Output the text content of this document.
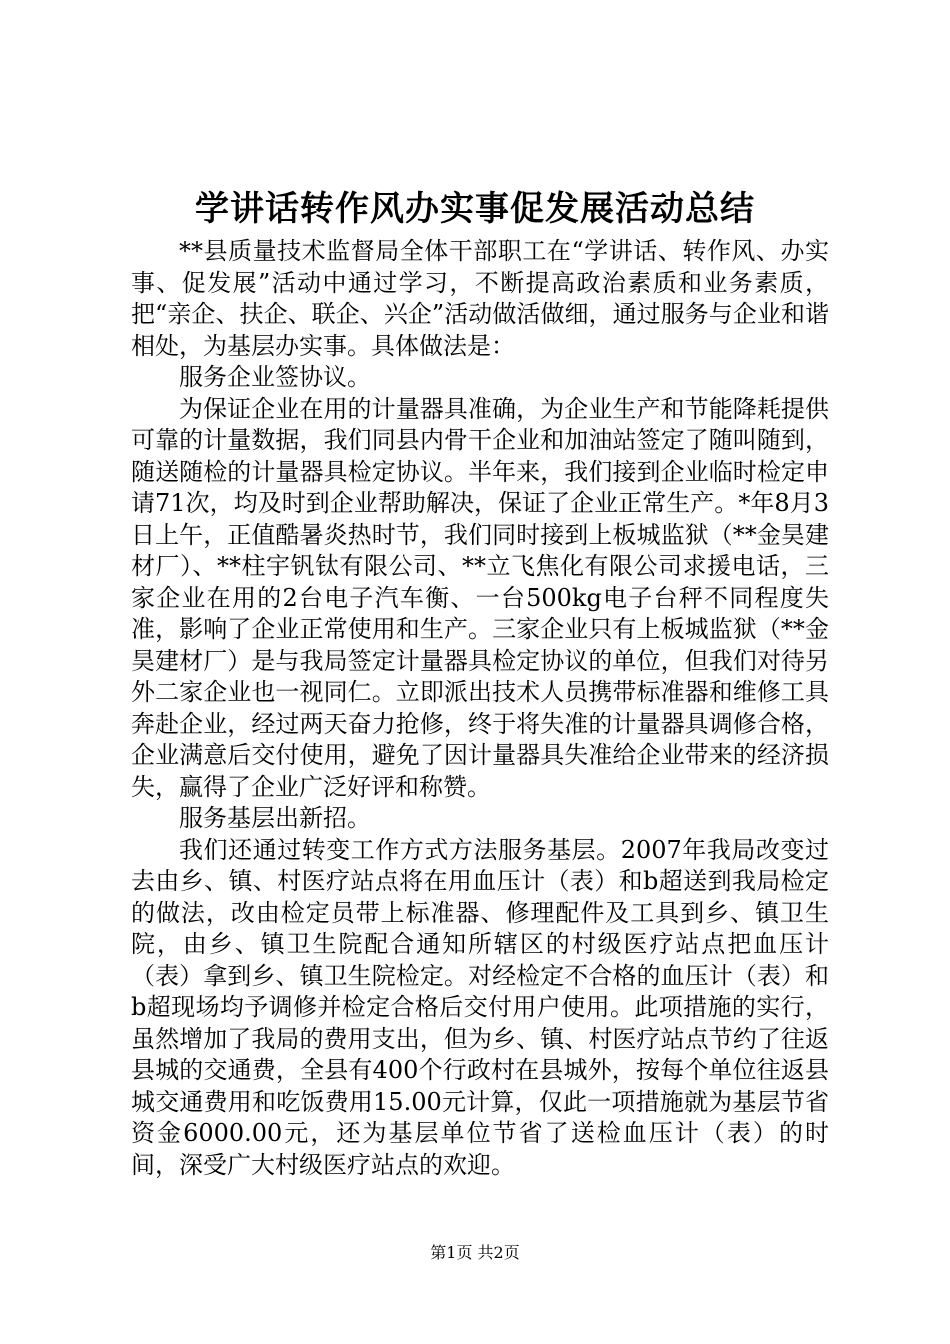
学讲话转作风办实事促发展活动总结

**县质量技术监督局全体干部职工在“学讲话、转作风、办实事、促发展”活动中通过学习，不断提高政治素质和业务素质，把“亲企、扶企、联企、兴企”活动做活做细，通过服务与企业和谐相处，为基层办实事。具体做法是：

服务企业签协议。

为保证企业在用的计量器具准确，为企业生产和节能降耗提供可靠的计量数据，我们同县内骨干企业和加油站签定了随叫随到，随送随检的计量器具检定协议。半年来，我们接到企业临时检定申请71次，均及时到企业帮助解决，保证了企业正常生产。*年8月3日上午，正值酷暑炎热时节，我们同时接到上板城监狱（**金昊建材厂）、**柱宇钒钛有限公司、**立飞焦化有限公司求援电话，三家企业在用的2台电子汽车衡、一台500kg电子台秤不同程度失准，影响了企业正常使用和生产。三家企业只有上板城监狱（**金昊建材厂）是与我局签定计量器具检定协议的单位，但我们对待另外二家企业也一视同仁。立即派出技术人员携带标准器和维修工具奔赴企业，经过两天奋力抢修，终于将失准的计量器具调修合格，企业满意后交付使用，避免了因计量器具失准给企业带来的经济损失，赢得了企业广泛好评和称赞。

服务基层出新招。

我们还通过转变工作方式方法服务基层。2007年我局改变过去由乡、镇、村医疗站点将在用血压计（表）和b超送到我局检定的做法，改由检定员带上标准器、修理配件及工具到乡、镇卫生院，由乡、镇卫生院配合通知所辖区的村级医疗站点把血压计（表）拿到乡、镇卫生院检定。对经检定不合格的血压计（表）和b超现场均予调修并检定合格后交付用户使用。此项措施的实行，虽然增加了我局的费用支出，但为乡、镇、村医疗站点节约了往返县城的交通费，全县有400个行政村在县城外，按每个单位往返县城交通费用和吃饭费用15.00元计算，仅此一项措施就为基层节省资金6000.00元，还为基层单位节省了送检血压计（表）的时间，深受广大村级医疗站点的欢迎。

第1页 共2页
